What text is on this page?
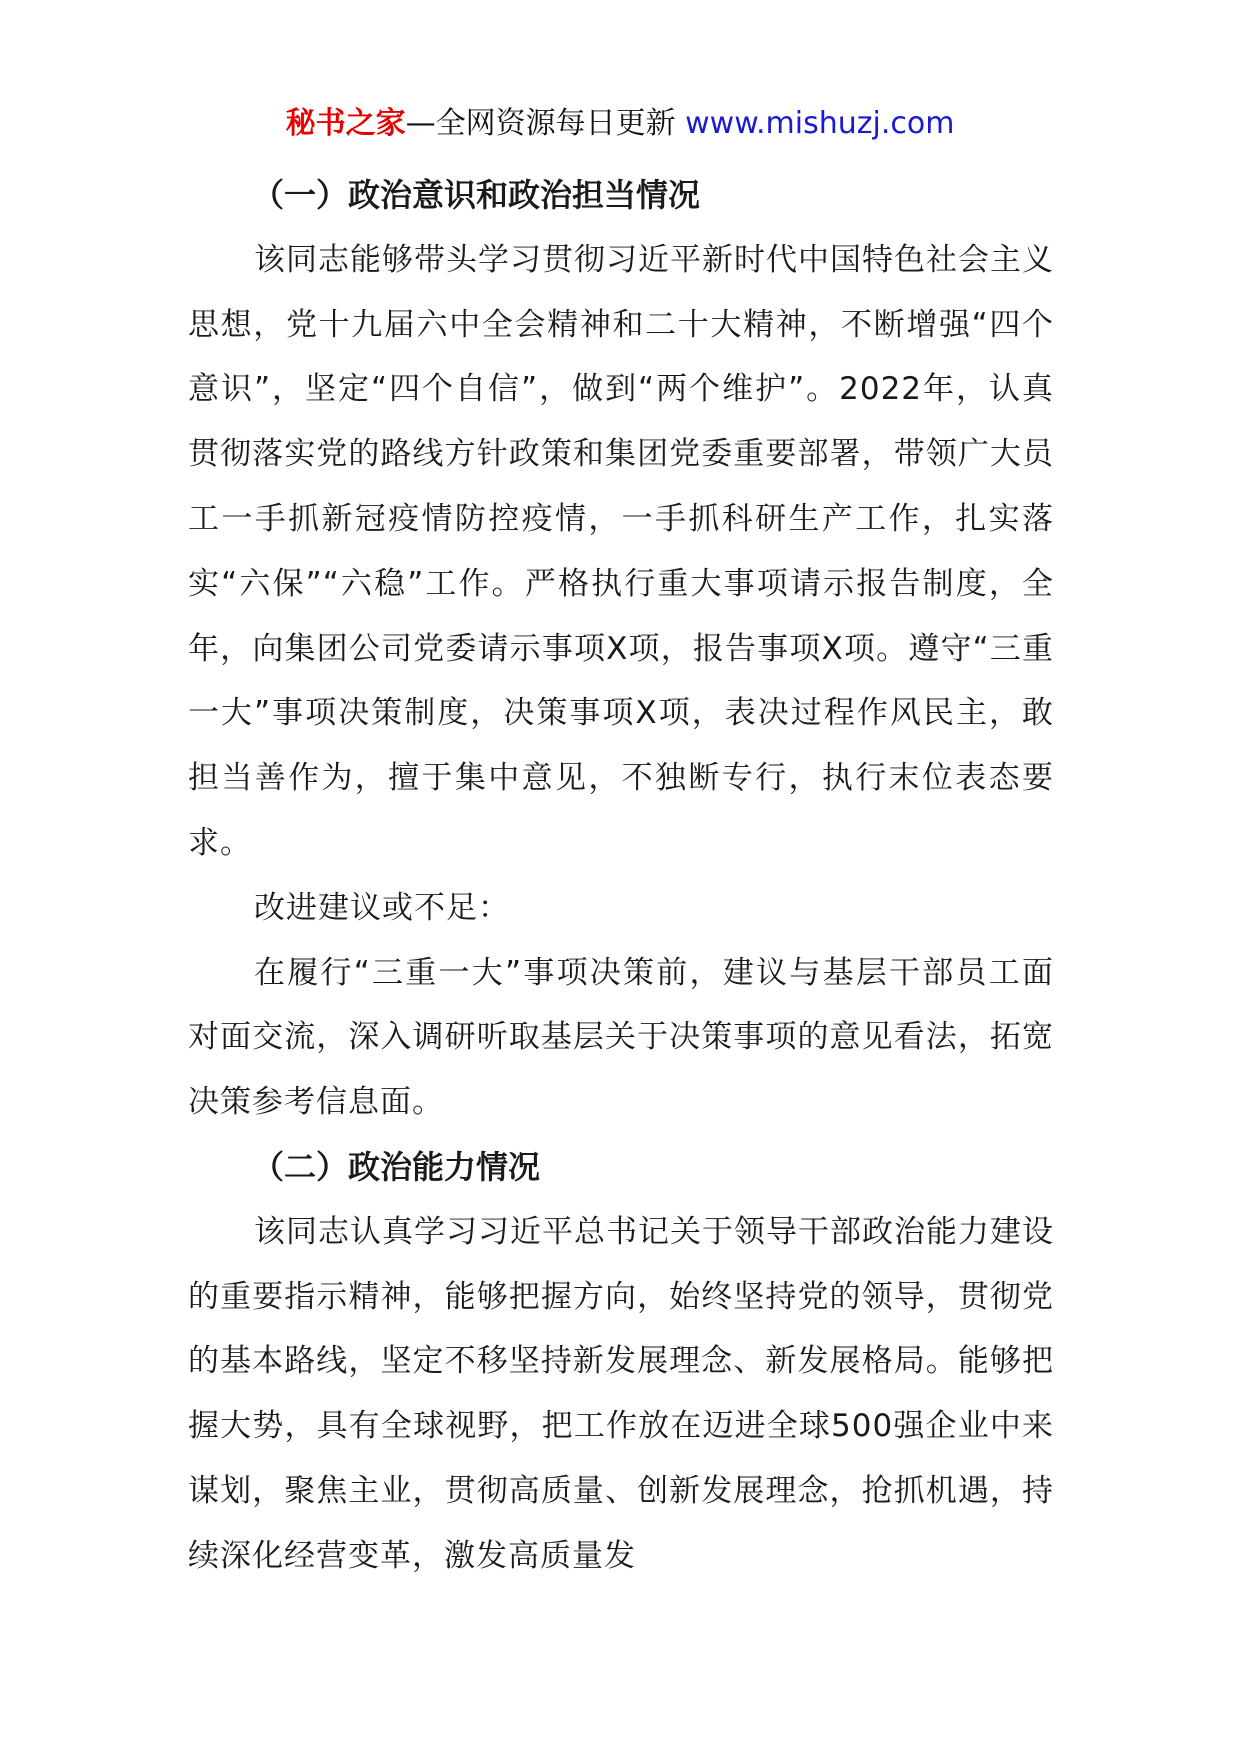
秘书之家—全网资源每日更新 www.mishuzj.com

（一）政治意识和政治担当情况

该同志能够带头学习贯彻习近平新时代中国特色社会主义思想，党十九届六中全会精神和二十大精神，不断增强“四个意识”，坚定“四个自信”，做到“两个维护”。2022年，认真贯彻落实党的路线方针政策和集团党委重要部署，带领广大员工一手抓新冠疫情防控疫情，一手抓科研生产工作，扎实落实“六保”“六稳”工作。严格执行重大事项请示报告制度，全年，向集团公司党委请示事项X项，报告事项X项。遵守“三重一大”事项决策制度，决策事项X项，表决过程作风民主，敢担当善作为，擅于集中意见，不独断专行，执行末位表态要求。

改进建议或不足：

在履行“三重一大”事项决策前，建议与基层干部员工面对面交流，深入调研听取基层关于决策事项的意见看法，拓宽决策参考信息面。

（二）政治能力情况

该同志认真学习习近平总书记关于领导干部政治能力建设的重要指示精神，能够把握方向，始终坚持党的领导，贯彻党的基本路线，坚定不移坚持新发展理念、新发展格局。能够把握大势，具有全球视野，把工作放在迈进全球500强企业中来谋划，聚焦主业，贯彻高质量、创新发展理念，抢抓机遇，持续深化经营变革，激发高质量发
